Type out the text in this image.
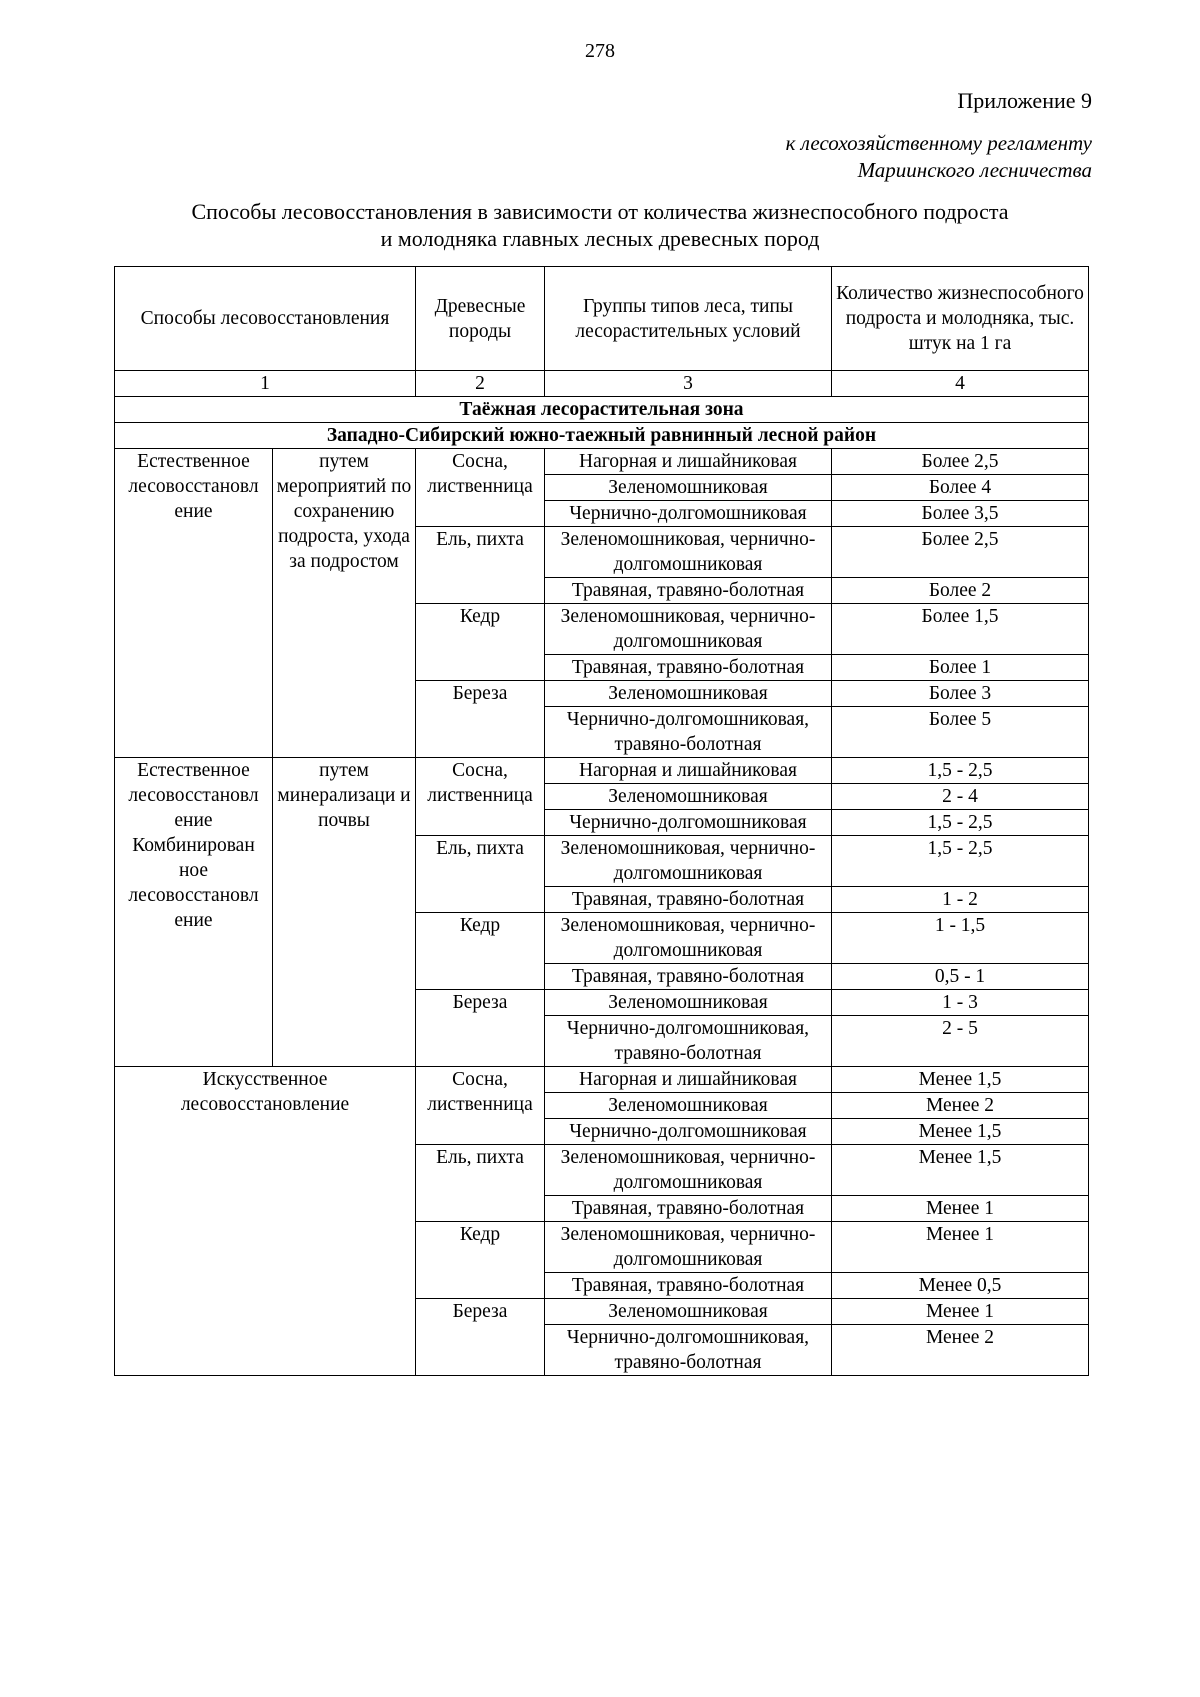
278
Приложение 9
к лесохозяйственному регламенту
Мариинского лесничества
Способы лесовосстановления в зависимости от количества жизнеспособного подроста
и молодняка главных лесных древесных пород

Способы лесовосстановления		Древесные породы	Группы типов леса, типы лесорастительных условий	Количество жизнеспособного подроста и молодняка, тыс. штук на 1 га
1		2	3	4
Таёжная лесорастительная зона				
Западно-Сибирский южно-таежный равнинный лесной район				
Естественное лесовосстановл ение	путем мероприятий по сохранению подроста, ухода за подростом	Сосна, лиственница	Нагорная и лишайниковая	Более 2,5
			Зеленомошниковая	Более 4
			Чернично-долгомошниковая	Более 3,5
		Ель, пихта	Зеленомошниковая, чернично-долгомошниковая	Более 2,5
			Травяная, травяно-болотная	Более 2
		Кедр	Зеленомошниковая, чернично-долгомошниковая	Более 1,5
			Травяная, травяно-болотная	Более 1
		Береза	Зеленомошниковая	Более 3
			Чернично-долгомошниковая, травяно-болотная	Более 5
Естественное лесовосстановл ение Комбинирован ное лесовосстановл ение	путем минерализаци и почвы	Сосна, лиственница	Нагорная и лишайниковая	1,5 - 2,5
			Зеленомошниковая	2 - 4
			Чернично-долгомошниковая	1,5 - 2,5
		Ель, пихта	Зеленомошниковая, чернично-долгомошниковая	1,5 - 2,5
			Травяная, травяно-болотная	1 - 2
		Кедр	Зеленомошниковая, чернично-долгомошниковая	1 - 1,5
			Травяная, травяно-болотная	0,5 - 1
		Береза	Зеленомошниковая	1 - 3
			Чернично-долгомошниковая, травяно-болотная	2 - 5
Искусственное лесовосстановление		Сосна, лиственница	Нагорная и лишайниковая	Менее 1,5
			Зеленомошниковая	Менее 2
			Чернично-долгомошниковая	Менее 1,5
		Ель, пихта	Зеленомошниковая, чернично-долгомошниковая	Менее 1,5
			Травяная, травяно-болотная	Менее 1
		Кедр	Зеленомошниковая, чернично-долгомошниковая	Менее 1
			Травяная, травяно-болотная	Менее 0,5
		Береза	Зеленомошниковая	Менее 1
			Чернично-долгомошниковая, травяно-болотная	Менее 2
